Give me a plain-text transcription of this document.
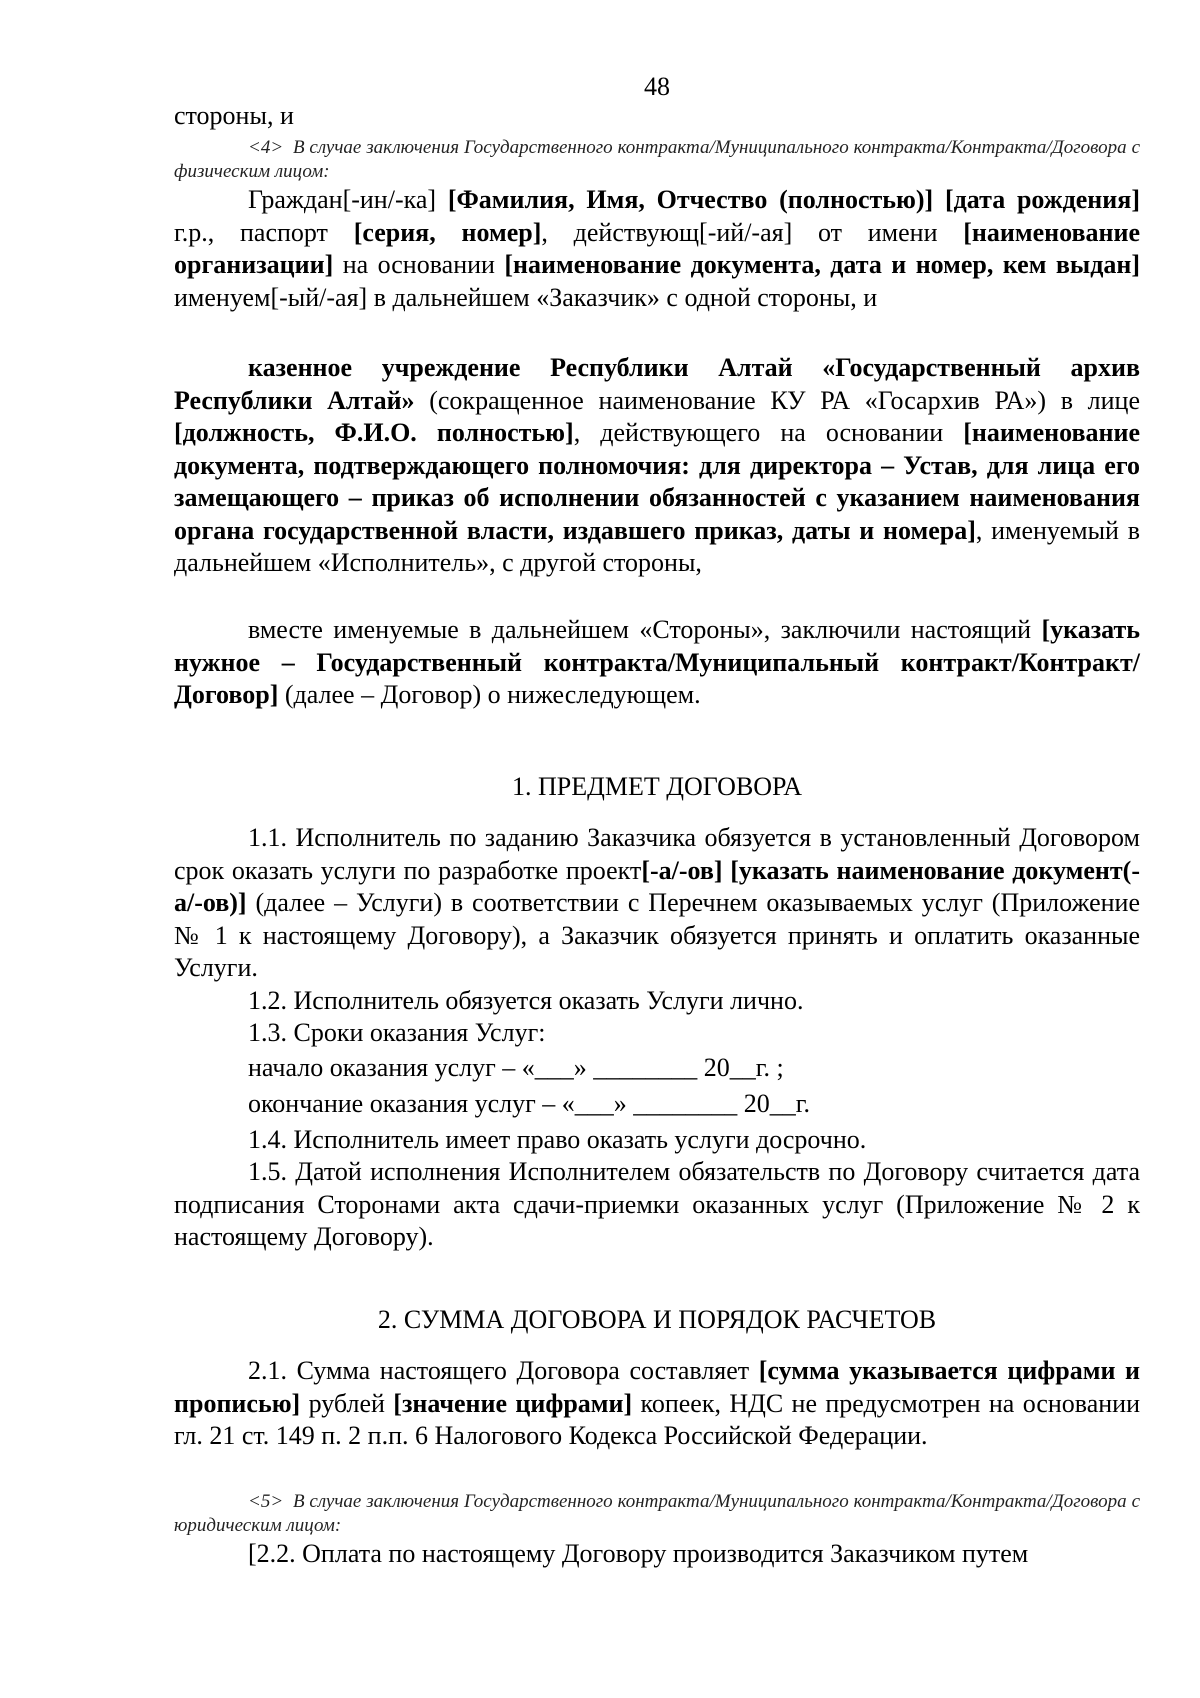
48

стороны, и

<4> В случае заключения Государственного контракта/Муниципального контракта/Контракта/Договора с физическим лицом:

Граждан[-ин/-ка] [Фамилия, Имя, Отчество (полностью)] [дата рождения] г.р., паспорт [серия, номер], действующ[-ий/-ая] от имени [наименование организации] на основании [наименование документа, дата и номер, кем выдан] именуем[-ый/-ая] в дальнейшем «Заказчик» с одной стороны, и

казенное учреждение Республики Алтай «Государственный архив Республики Алтай» (сокращенное наименование КУ РА «Госархив РА») в лице [должность, Ф.И.О. полностью], действующего на основании [наименование документа, подтверждающего полномочия: для директора – Устав, для лица его замещающего – приказ об исполнении обязанностей с указанием наименования органа государственной власти, издавшего приказ, даты и номера], именуемый в дальнейшем «Исполнитель», с другой стороны,

вместе именуемые в дальнейшем «Стороны», заключили настоящий [указать нужное – Государственный контракта/Муниципальный контракт/Контракт/Договор] (далее – Договор) о нижеследующем.

1. ПРЕДМЕТ ДОГОВОРА

1.1. Исполнитель по заданию Заказчика обязуется в установленный Договором срок оказать услуги по разработке проект[-а/-ов] [указать наименование документ(-а/-ов)] (далее – Услуги) в соответствии с Перечнем оказываемых услуг (Приложение № 1 к настоящему Договору), а Заказчик обязуется принять и оплатить оказанные Услуги.

1.2. Исполнитель обязуется оказать Услуги лично.

1.3. Сроки оказания Услуг:

начало оказания услуг – «___» ________ 20__г. ;
окончание оказания услуг – «___» ________ 20__г.

1.4. Исполнитель имеет право оказать услуги досрочно.

1.5. Датой исполнения Исполнителем обязательств по Договору считается дата подписания Сторонами акта сдачи-приемки оказанных услуг (Приложение № 2 к настоящему Договору).

2. СУММА ДОГОВОРА И ПОРЯДОК РАСЧЕТОВ

2.1. Сумма настоящего Договора составляет [сумма указывается цифрами и прописью] рублей [значение цифрами] копеек, НДС не предусмотрен на основании гл. 21 ст. 149 п. 2 п.п. 6 Налогового Кодекса Российской Федерации.

<5> В случае заключения Государственного контракта/Муниципального контракта/Контракта/Договора с юридическим лицом:

[2.2. Оплата по настоящему Договору производится Заказчиком путем
